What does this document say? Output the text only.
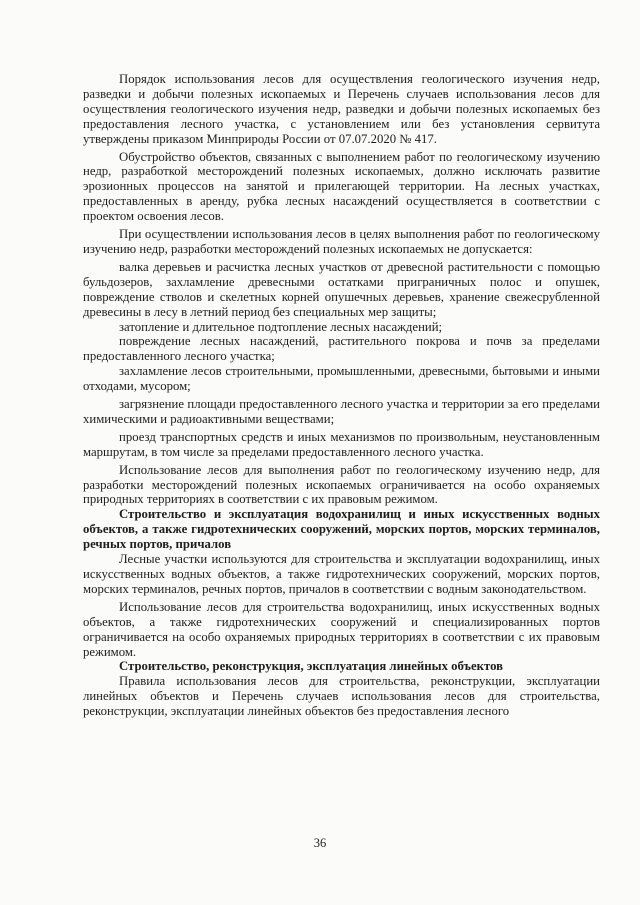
Порядок использования лесов для осуществления геологического изучения недр, разведки и добычи полезных ископаемых и Перечень случаев использования лесов для осуществления геологического изучения недр, разведки и добычи полезных ископаемых без предоставления лесного участка, с установлением или без установления сервитута утверждены приказом Минприроды России от 07.07.2020 № 417.

Обустройство объектов, связанных с выполнением работ по геологическому изучению недр, разработкой месторождений полезных ископаемых, должно исключать развитие эрозионных процессов на занятой и прилегающей территории. На лесных участках, предоставленных в аренду, рубка лесных насаждений осуществляется в соответствии с проектом освоения лесов.

При осуществлении использования лесов в целях выполнения работ по геологическому изучению недр, разработки месторождений полезных ископаемых не допускается:

валка деревьев и расчистка лесных участков от древесной растительности с помощью бульдозеров, захламление древесными остатками приграничных полос и опушек, повреждение стволов и скелетных корней опушечных деревьев, хранение свежесрубленной древесины в лесу в летний период без специальных мер защиты;

затопление и длительное подтопление лесных насаждений;

повреждение лесных насаждений, растительного покрова и почв за пределами предоставленного лесного участка;

захламление лесов строительными, промышленными, древесными, бытовыми и иными отходами, мусором;

загрязнение площади предоставленного лесного участка и территории за его пределами химическими и радиоактивными веществами;

проезд транспортных средств и иных механизмов по произвольным, неустановленным маршрутам, в том числе за пределами предоставленного лесного участка.

Использование лесов для выполнения работ по геологическому изучению недр, для разработки месторождений полезных ископаемых ограничивается на особо охраняемых природных территориях в соответствии с их правовым режимом.

Строительство и эксплуатация водохранилищ и иных искусственных водных объектов, а также гидротехнических сооружений, морских портов, морских терминалов, речных портов, причалов

Лесные участки используются для строительства и эксплуатации водохранилищ, иных искусственных водных объектов, а также гидротехнических сооружений, морских портов, морских терминалов, речных портов, причалов в соответствии с водным законодательством.

Использование лесов для строительства водохранилищ, иных искусственных водных объектов, а также гидротехнических сооружений и специализированных портов ограничивается на особо охраняемых природных территориях в соответствии с их правовым режимом.

Строительство, реконструкция, эксплуатация линейных объектов

Правила использования лесов для строительства, реконструкции, эксплуатации линейных объектов и Перечень случаев использования лесов для строительства, реконструкции, эксплуатации линейных объектов без предоставления лесного

36
